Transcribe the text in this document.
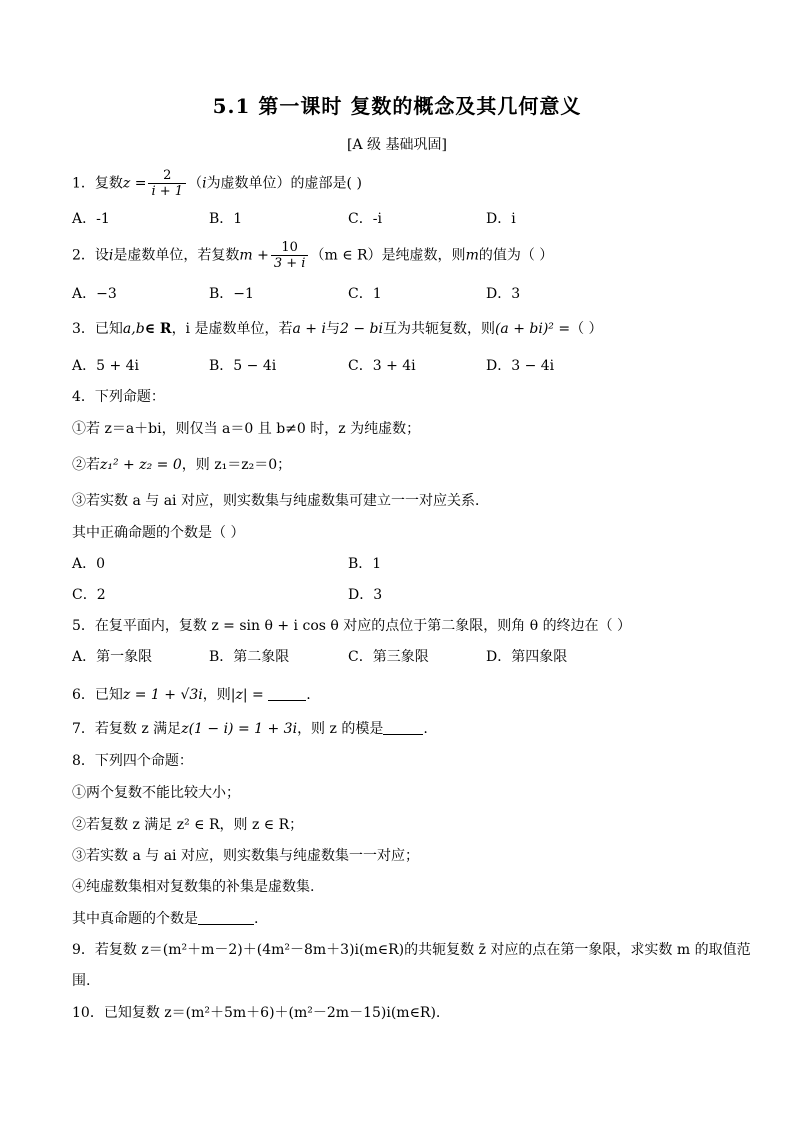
5.1 第一课时 复数的概念及其几何意义
[A 级 基础巩固]
1．复数$z = \frac{2}{i + 1} (i$为虚数单位）的虚部是( )
A．-1	B．1	C．-i	D．i
2．设i是虚数单位，若复数$m + \frac{10}{3 + i} (m$ ∈ R）是纯虚数，则m的值为（ ）
A．−3	B．−1	C．1	D．3
3．已知a,b∈ R，i 是虚数单位，若a + i与2 − bi互为共轭复数，则(a + bi)² =（ ）
A．5 + 4i	B．5 − 4i	C．3 + 4i	D．3 − 4i
4．下列命题：
①若 z＝a＋bi，则仅当 a＝0 且 b≠0 时，z 为纯虚数；
②若z₁² + z₂ = 0，则 z₁＝z₂＝0；
③若实数 a 与 ai 对应，则实数集与纯虚数集可建立一一对应关系．
其中正确命题的个数是（ ）
A．0	B．1
C．2	D．3
5．在复平面内，复数 z = sin θ + i cos θ 对应的点位于第二象限，则角 θ 的终边在（ ）
A．第一象限	B．第二象限	C．第三象限	D．第四象限
6．已知z = 1 + √3i，则|z| =	.
7．若复数 z 满足z(1 − i) = 1 + 3i，则 z 的模是	.
8．下列四个命题：
①两个复数不能比较大小；
②若复数 z 满足 z² ∈ R，则 z ∈ R；
③若实数 a 与 ai 对应，则实数集与纯虚数集一一对应；
④纯虚数集相对复数集的补集是虚数集.
其中真命题的个数是	.
9．若复数 z＝(m²＋m－2)＋(4m²－8m＋3)i(m∈R)的共轭复数 z̄ 对应的点在第一象限，求实数 m 的取值范
围.
10．已知复数 z＝(m²＋5m＋6)＋(m²－2m－15)i(m∈R).
